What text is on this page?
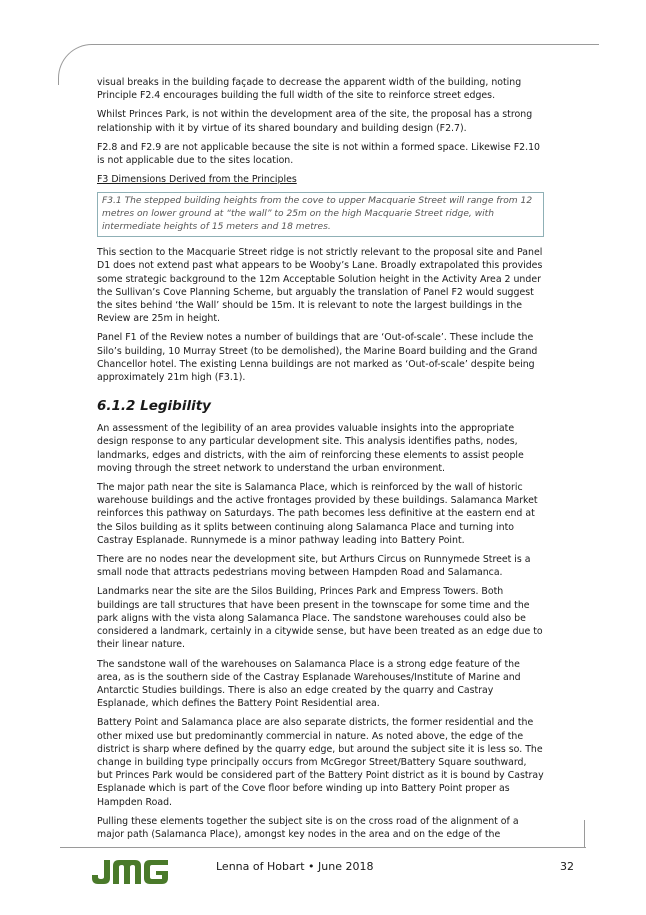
visual breaks in the building façade to decrease the apparent width of the building, noting Principle F2.4 encourages building the full width of the site to reinforce street edges.

Whilst Princes Park, is not within the development area of the site, the proposal has a strong relationship with it by virtue of its shared boundary and building design (F2.7).

F2.8 and F2.9 are not applicable because the site is not within a formed space. Likewise F2.10 is not applicable due to the sites location.

F3 Dimensions Derived from the Principles
F3.1 The stepped building heights from the cove to upper Macquarie Street will range from 12 metres on lower ground at “the wall” to 25m on the high Macquarie Street ridge, with intermediate heights of 15 meters and 18 metres.

This section to the Macquarie Street ridge is not strictly relevant to the proposal site and Panel D1 does not extend past what appears to be Wooby’s Lane. Broadly extrapolated this provides some strategic background to the 12m Acceptable Solution height in the Activity Area 2 under the Sullivan’s Cove Planning Scheme, but arguably the translation of Panel F2 would suggest the sites behind ‘the Wall’ should be 15m. It is relevant to note the largest buildings in the Review are 25m in height.

Panel F1 of the Review notes a number of buildings that are ‘Out-of-scale’. These include the Silo’s building, 10 Murray Street (to be demolished), the Marine Board building and the Grand Chancellor hotel. The existing Lenna buildings are not marked as ‘Out-of-scale’ despite being approximately 21m high (F3.1).

6.1.2 Legibility

An assessment of the legibility of an area provides valuable insights into the appropriate design response to any particular development site. This analysis identifies paths, nodes, landmarks, edges and districts, with the aim of reinforcing these elements to assist people moving through the street network to understand the urban environment.

The major path near the site is Salamanca Place, which is reinforced by the wall of historic warehouse buildings and the active frontages provided by these buildings. Salamanca Market reinforces this pathway on Saturdays. The path becomes less definitive at the eastern end at the Silos building as it splits between continuing along Salamanca Place and turning into Castray Esplanade. Runnymede is a minor pathway leading into Battery Point.

There are no nodes near the development site, but Arthurs Circus on Runnymede Street is a small node that attracts pedestrians moving between Hampden Road and Salamanca.

Landmarks near the site are the Silos Building, Princes Park and Empress Towers. Both buildings are tall structures that have been present in the townscape for some time and the park aligns with the vista along Salamanca Place. The sandstone warehouses could also be considered a landmark, certainly in a citywide sense, but have been treated as an edge due to their linear nature.

The sandstone wall of the warehouses on Salamanca Place is a strong edge feature of the area, as is the southern side of the Castray Esplanade Warehouses/Institute of Marine and Antarctic Studies buildings. There is also an edge created by the quarry and Castray Esplanade, which defines the Battery Point Residential area.

Battery Point and Salamanca place are also separate districts, the former residential and the other mixed use but predominantly commercial in nature. As noted above, the edge of the district is sharp where defined by the quarry edge, but around the subject site it is less so. The change in building type principally occurs from McGregor Street/Battery Square southward, but Princes Park would be considered part of the Battery Point district as it is bound by Castray Esplanade which is part of the Cove floor before winding up into Battery Point proper as Hampden Road.

Pulling these elements together the subject site is on the cross road of the alignment of a major path (Salamanca Place), amongst key nodes in the area and on the edge of the

Lenna of Hobart • June 2018	32
